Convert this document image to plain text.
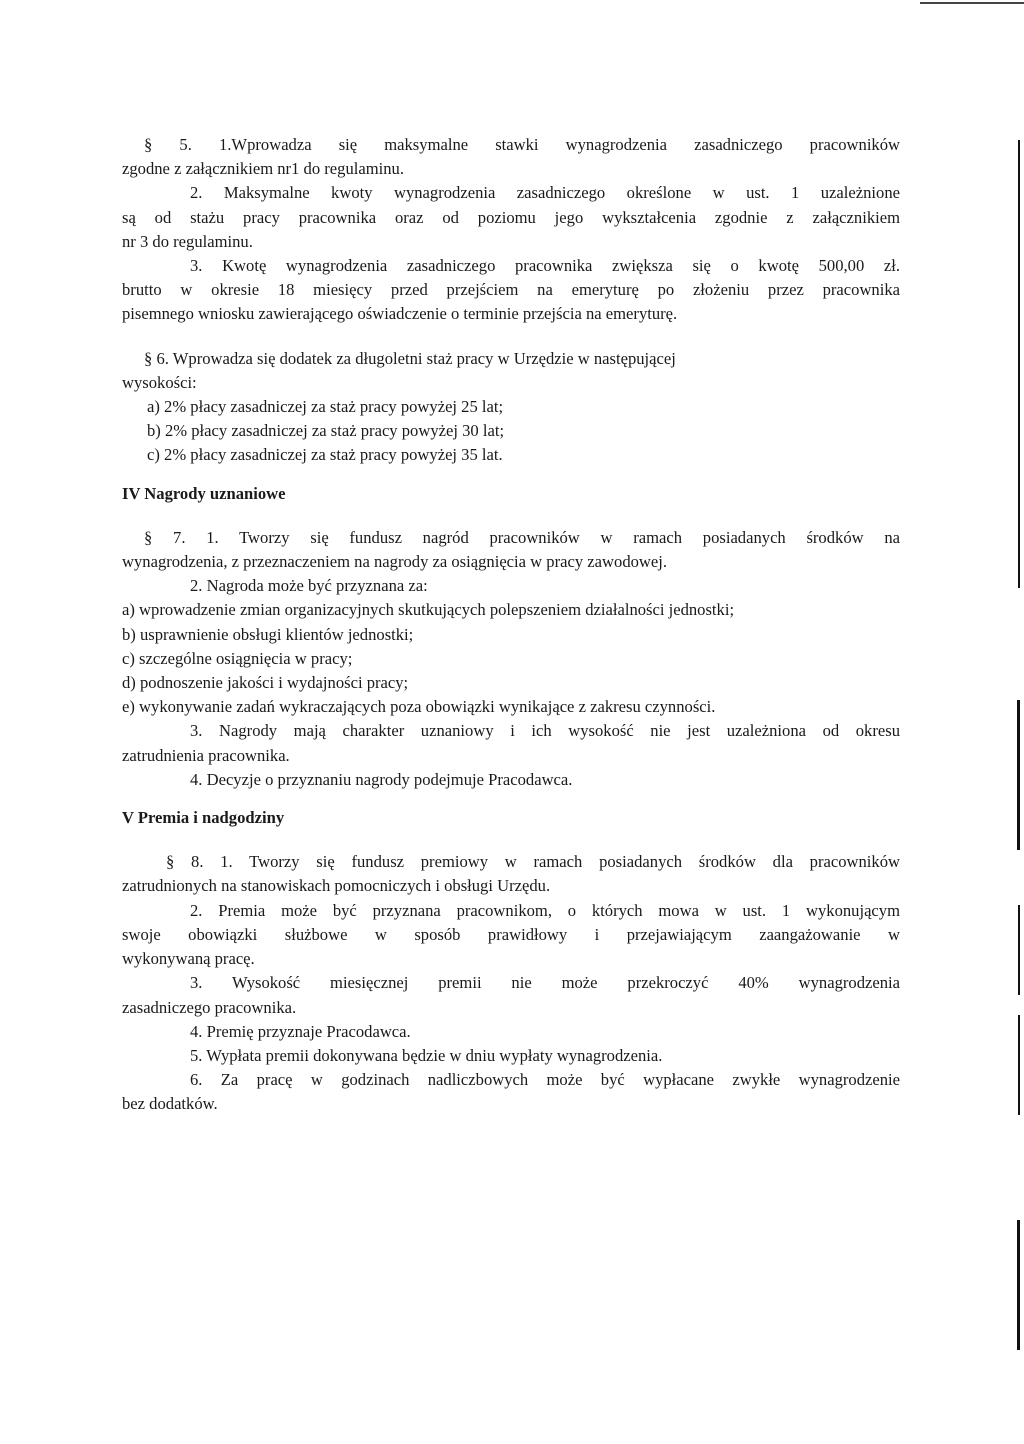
§ 5. 1.Wprowadza się maksymalne stawki wynagrodzenia zasadniczego pracowników
zgodne z załącznikiem nr1 do regulaminu.
2. Maksymalne kwoty wynagrodzenia zasadniczego określone w ust. 1 uzależnione
są od stażu pracy pracownika oraz od poziomu jego wykształcenia zgodnie z załącznikiem
nr 3 do regulaminu.
3. Kwotę wynagrodzenia zasadniczego pracownika zwiększa się o kwotę 500,00 zł.
brutto w okresie 18 miesięcy przed przejściem na emeryturę po złożeniu przez pracownika
pisemnego wniosku zawierającego oświadczenie o terminie przejścia na emeryturę.
§ 6. Wprowadza się dodatek za długoletni staż pracy w Urzędzie w następującej
wysokości:
a) 2% płacy zasadniczej za staż pracy powyżej 25 lat;
b) 2% płacy zasadniczej za staż pracy powyżej 30 lat;
c) 2% płacy zasadniczej za staż pracy powyżej 35 lat.
IV Nagrody uznaniowe
§ 7. 1. Tworzy się fundusz nagród pracowników w ramach posiadanych środków na
wynagrodzenia, z przeznaczeniem na nagrody za osiągnięcia w pracy zawodowej.
2. Nagroda może być przyznana za:
a) wprowadzenie zmian organizacyjnych skutkujących polepszeniem działalności jednostki;
b) usprawnienie obsługi klientów jednostki;
c) szczególne osiągnięcia w pracy;
d) podnoszenie jakości i wydajności pracy;
e) wykonywanie zadań wykraczających poza obowiązki wynikające z zakresu czynności.
3. Nagrody mają charakter uznaniowy i ich wysokość nie jest uzależniona od okresu
zatrudnienia pracownika.
4. Decyzje o przyznaniu nagrody podejmuje Pracodawca.
V Premia i nadgodziny
§ 8. 1. Tworzy się fundusz premiowy w ramach posiadanych środków dla pracowników
zatrudnionych na stanowiskach pomocniczych i obsługi Urzędu.
2. Premia może być przyznana pracownikom, o których mowa w ust. 1 wykonującym
swoje obowiązki służbowe w sposób prawidłowy i przejawiającym zaangażowanie w
wykonywaną pracę.
3. Wysokość miesięcznej premii nie może przekroczyć 40% wynagrodzenia
zasadniczego pracownika.
4. Premię przyznaje Pracodawca.
5. Wypłata premii dokonywana będzie w dniu wypłaty wynagrodzenia.
6. Za pracę w godzinach nadliczbowych może być wypłacane zwykłe wynagrodzenie
bez dodatków.
